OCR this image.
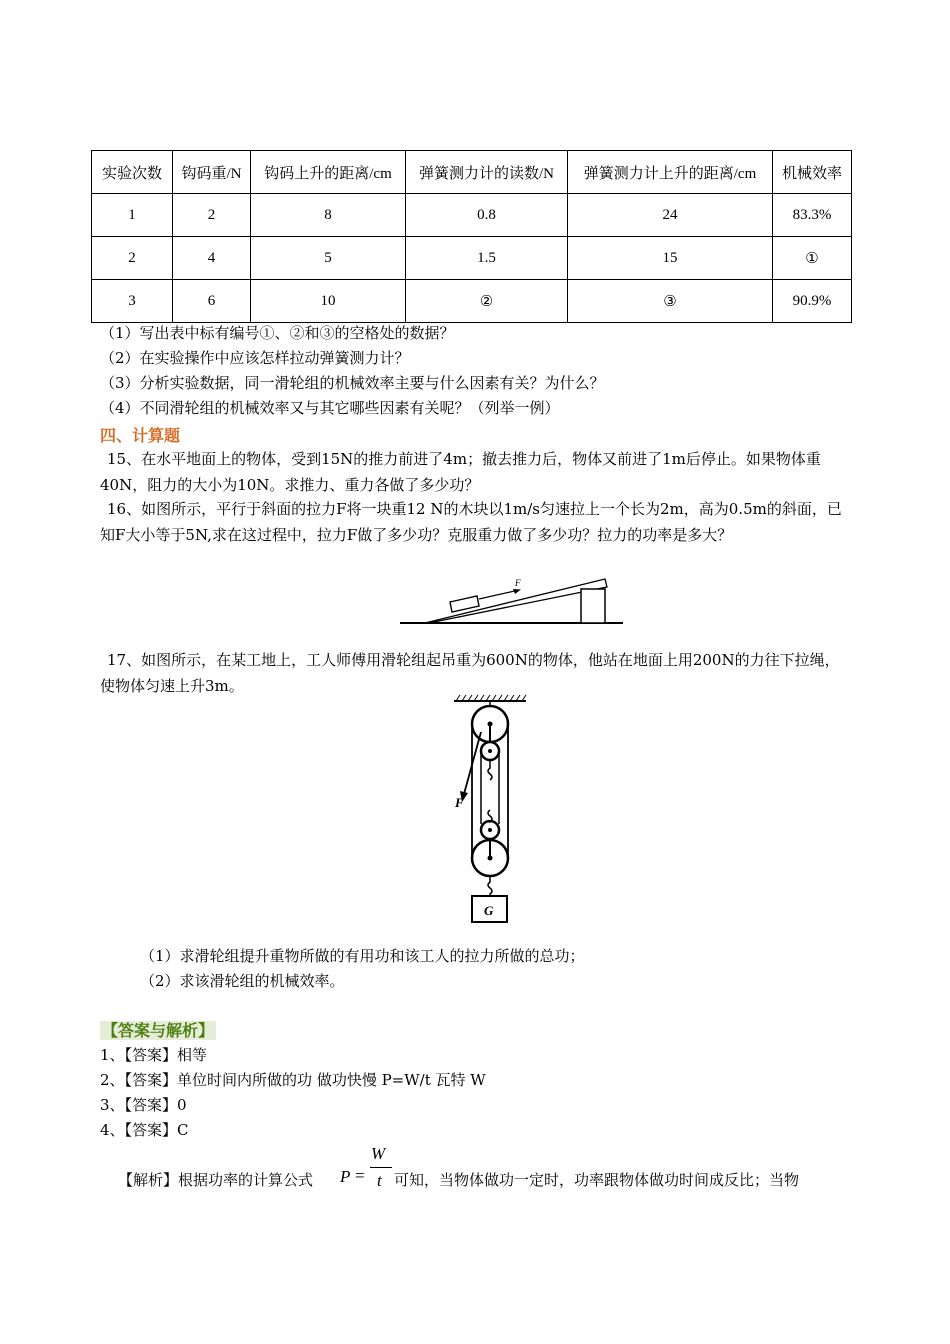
实验次数	钩码重/N	钩码上升的距离/cm	弹簧测力计的读数/N	弹簧测力计上升的距离/cm	机械效率
1	2	8	0.8	24	83.3%
2	4	5	1.5	15	①
3	6	10	②	③	90.9%
（1）写出表中标有编号①、②和③的空格处的数据？
（2）在实验操作中应该怎样拉动弹簧测力计？
（3）分析实验数据，同一滑轮组的机械效率主要与什么因素有关？为什么？
（4）不同滑轮组的机械效率又与其它哪些因素有关呢？（列举一例）
四、计算题
15、在水平地面上的物体，受到15N的推力前进了4m；撤去推力后，物体又前进了1m后停止。如果物体重40N，阻力的大小为10N。求推力、重力各做了多少功？
16、如图所示，平行于斜面的拉力F将一块重12 N的木块以1m/s匀速拉上一个长为2m，高为0.5m的斜面，已知F大小等于5N,求在这过程中，拉力F做了多少功？克服重力做了多少功？拉力的功率是多大？
F
17、如图所示，在某工地上，工人师傅用滑轮组起吊重为600N的物体，他站在地面上用200N的力往下拉绳，使物体匀速上升3m。
F
G
（1）求滑轮组提升重物所做的有用功和该工人的拉力所做的总功；
（2）求该滑轮组的机械效率。
【答案与解析】
1、【答案】相等
2、【答案】单位时间内所做的功 做功快慢 P=W/t 瓦特 W
3、【答案】0
4、【答案】C
【解析】根据功率的计算公式 P =
W
t 可知，当物体做功一定时，功率跟物体做功时间成反比；当物
